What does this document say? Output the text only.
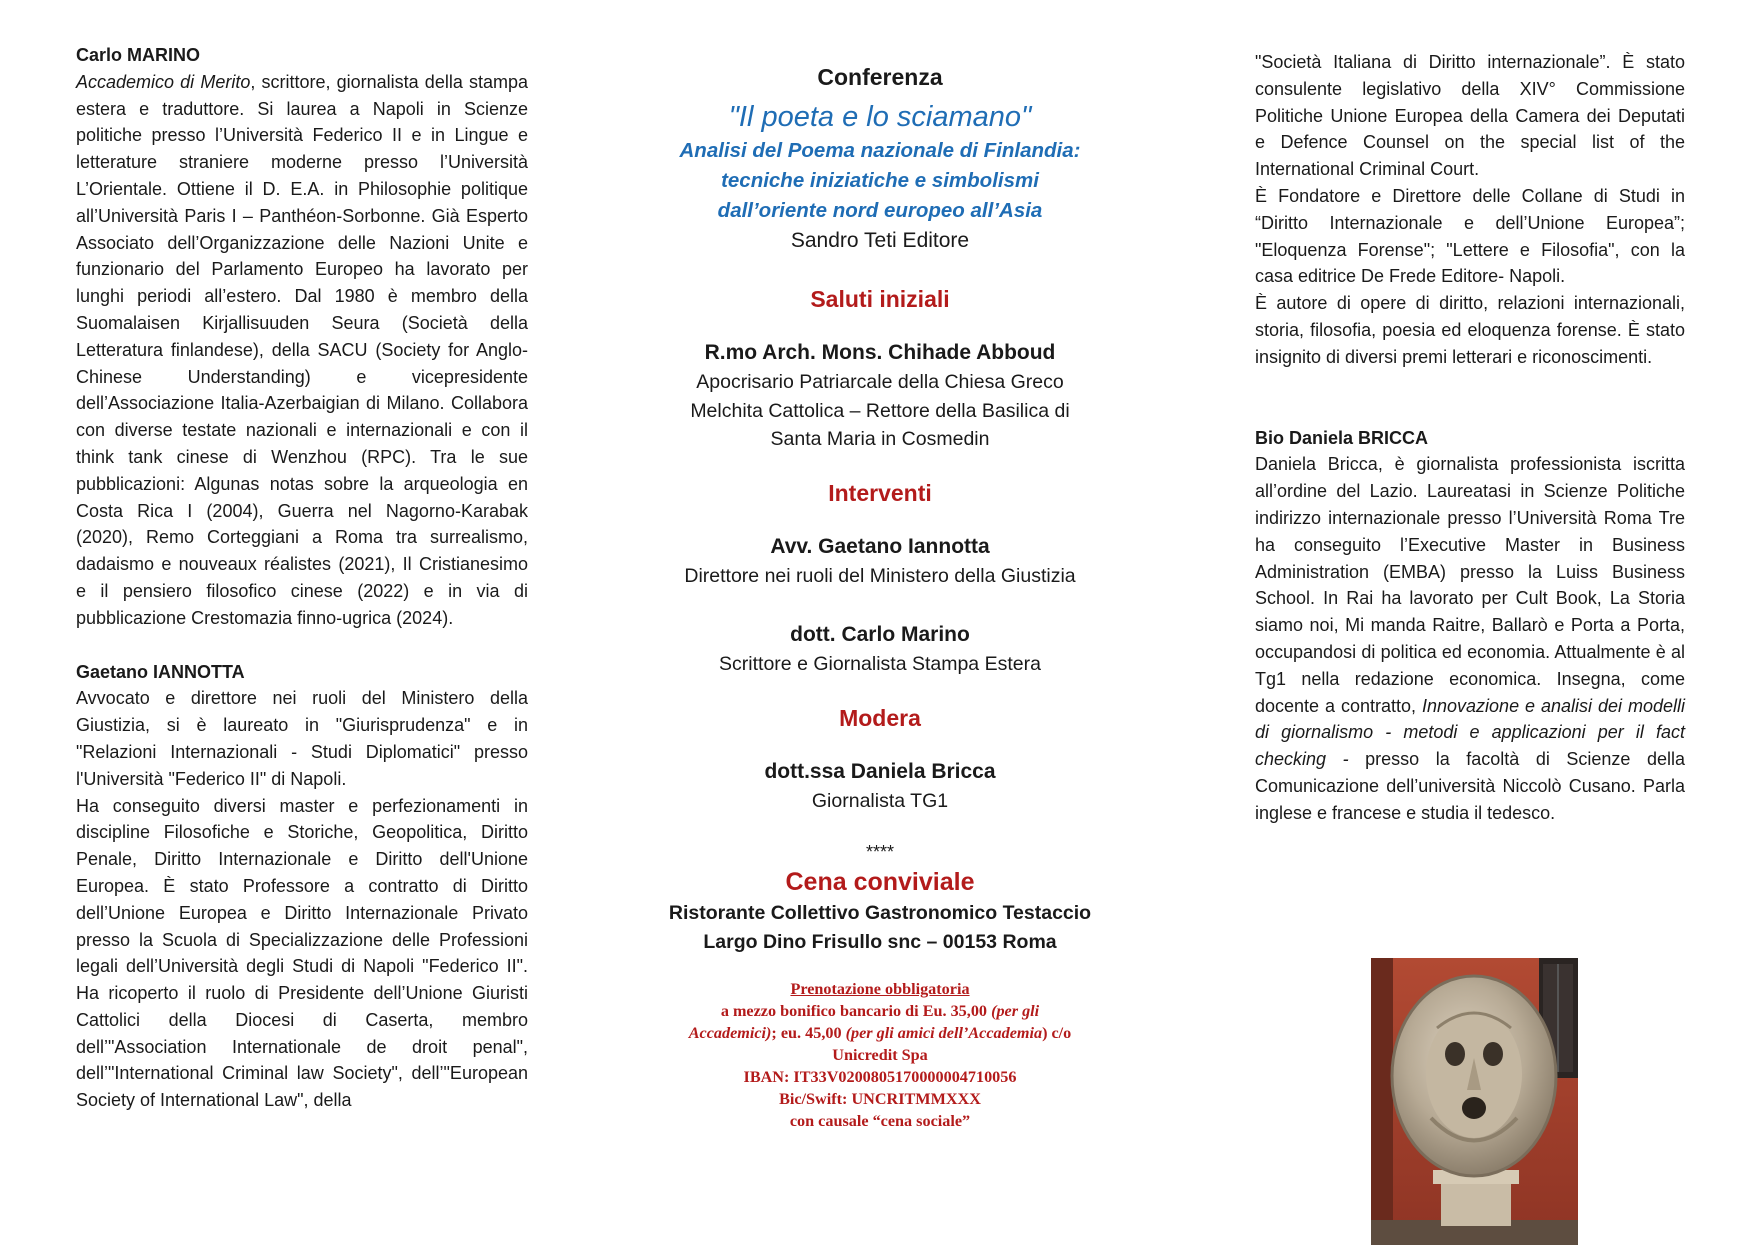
Carlo MARINO

Accademico di Merito, scrittore, giornalista della stampa estera e traduttore. Si laurea a Napoli in Scienze politiche presso l’Università Federico II e in Lingue e letterature straniere moderne presso l’Università L’Orientale. Ottiene il D. E.A. in Philosophie politique all’Università Paris I – Panthéon-Sorbonne. Già Esperto Associato dell’Organizzazione delle Nazioni Unite e funzionario del Parlamento Europeo ha lavorato per lunghi periodi all’estero. Dal 1980 è membro della Suomalaisen Kirjallisuuden Seura (Società della Letteratura finlandese), della SACU (Society for Anglo-Chinese Understanding) e vicepresidente dell’Associazione Italia-Azerbaigian di Milano. Collabora con diverse testate nazionali e internazionali e con il think tank cinese di Wenzhou (RPC). Tra le sue pubblicazioni: Algunas notas sobre la arqueologia en Costa Rica I (2004), Guerra nel Nagorno-Karabak (2020), Remo Corteggiani a Roma tra surrealismo, dadaismo e nouveaux réalistes (2021), Il Cristianesimo e il pensiero filosofico cinese (2022) e in via di pubblicazione Crestomazia finno-ugrica (2024).

Gaetano IANNOTTA

Avvocato e direttore nei ruoli del Ministero della Giustizia, si è laureato in "Giurisprudenza" e in "Relazioni Internazionali - Studi Diplomatici" presso l'Università "Federico II" di Napoli.

Ha conseguito diversi master e perfezionamenti in discipline Filosofiche e Storiche, Geopolitica, Diritto Penale, Diritto Internazionale e Diritto dell'Unione Europea. È stato Professore a contratto di Diritto dell’Unione Europea e Diritto Internazionale Privato presso la Scuola di Specializzazione delle Professioni legali dell’Università degli Studi di Napoli "Federico II". Ha ricoperto il ruolo di Presidente dell’Unione Giuristi Cattolici della Diocesi di Caserta, membro dell’"Association Internationale de droit penal", dell’"International Criminal law Society", dell’"European Society of International Law", della

Conferenza

"Il poeta e lo sciamano"

Analisi del Poema nazionale di Finlandia:

tecniche iniziatiche e simbolismi

dall’oriente nord europeo all’Asia

Sandro Teti Editore

Saluti iniziali

R.mo Arch. Mons. Chihade Abboud

Apocrisario Patriarcale della Chiesa Greco

Melchita Cattolica – Rettore della Basilica di

Santa Maria in Cosmedin

Interventi

Avv. Gaetano Iannotta

Direttore nei ruoli del Ministero della Giustizia

dott. Carlo Marino

Scrittore e Giornalista Stampa Estera

Modera

dott.ssa Daniela Bricca

Giornalista TG1

****

Cena conviviale

Ristorante Collettivo Gastronomico Testaccio

Largo Dino Frisullo snc – 00153 Roma

Prenotazione obbligatoria

a mezzo bonifico bancario di Eu. 35,00 (per gli

Accademici); eu. 45,00 (per gli amici dell’Accademia) c/o

Unicredit Spa

IBAN: IT33V0200805170000004710056

Bic/Swift: UNCRITMMXXX

con causale “cena sociale”

"Società Italiana di Diritto internazionale”. È stato consulente legislativo della XIV° Commissione Politiche Unione Europea della Camera dei Deputati e Defence Counsel on the special list of the International Criminal Court.

È Fondatore e Direttore delle Collane di Studi in “Diritto Internazionale e dell’Unione Europea”; "Eloquenza Forense"; "Lettere e Filosofia", con la casa editrice De Frede Editore- Napoli.

È autore di opere di diritto, relazioni internazionali, storia, filosofia, poesia ed eloquenza forense. È stato insignito di diversi premi letterari e riconoscimenti.

Bio Daniela BRICCA

Daniela Bricca, è giornalista professionista iscritta all’ordine del Lazio. Laureatasi in Scienze Politiche indirizzo internazionale presso l’Università Roma Tre ha conseguito l’Executive Master in Business Administration (EMBA) presso la Luiss Business School. In Rai ha lavorato per Cult Book, La Storia siamo noi, Mi manda Raitre, Ballarò e Porta a Porta, occupandosi di politica ed economia. Attualmente è al Tg1 nella redazione economica. Insegna, come docente a contratto, Innovazione e analisi dei modelli di giornalismo - metodi e applicazioni per il fact checking - presso la facoltà di Scienze della Comunicazione dell’università Niccolò Cusano. Parla inglese e francese e studia il tedesco.
